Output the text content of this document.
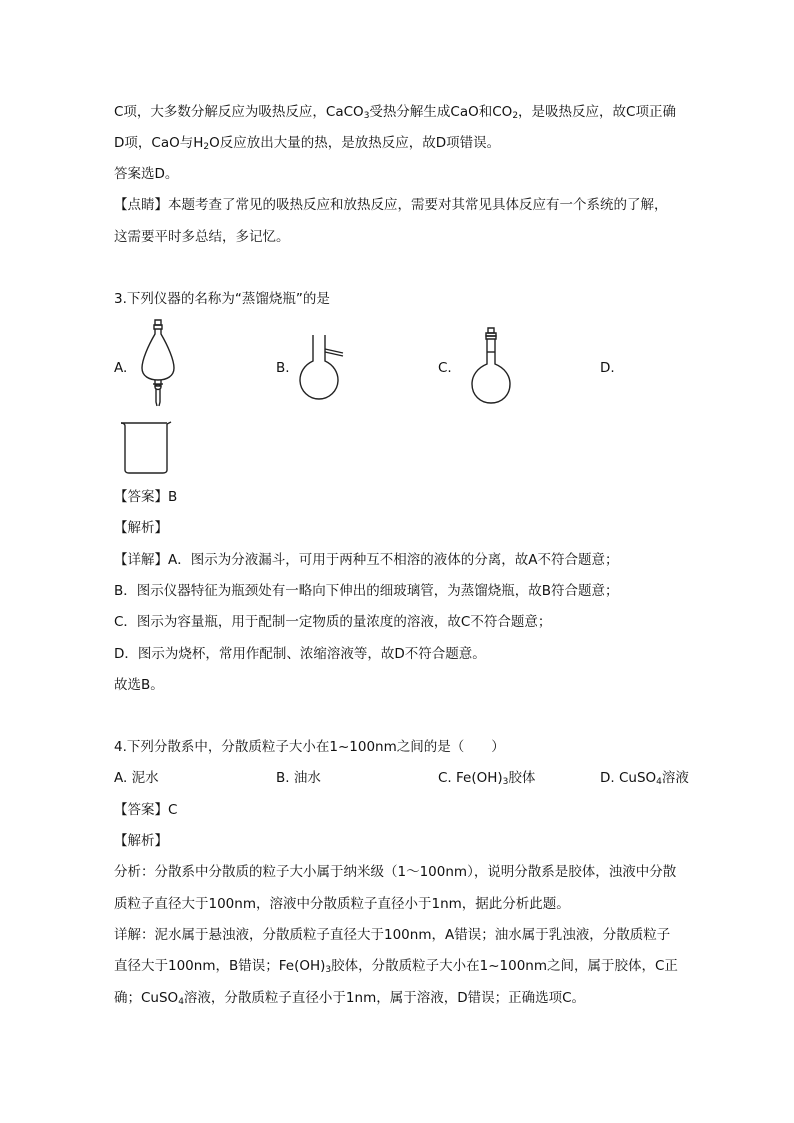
C项，大多数分解反应为吸热反应，CaCO$_3$受热分解生成CaO和$CO_2$，是吸热反应，故C项正确
D项，CaO与$H_2O$反应放出大量的热，是放热反应，故D项错误。
答案选D。
【点睛】本题考查了常见的吸热反应和放热反应，需要对其常见具体反应有一个系统的了解，
这需要平时多总结，多记忆。
3.下列仪器的名称为“蒸馏烧瓶”的是
A.	B.	C.	D.
【答案】B
【解析】
【详解】A．图示为分液漏斗，可用于两种互不相溶的液体的分离，故A不符合题意；
B．图示仪器特征为瓶颈处有一略向下伸出的细玻璃管，为蒸馏烧瓶，故B符合题意；
C．图示为容量瓶，用于配制一定物质的量浓度的溶液，故C不符合题意；
D．图示为烧杯，常用作配制、浓缩溶液等，故D不符合题意。
故选B。
4.下列分散系中，分散质粒子大小在1~100nm之间的是（　　）
A. 泥水	B. 油水	C. $Fe(OH)_3$胶体	D. CuSO$_4$溶液
【答案】C
【解析】
分析：分散系中分散质的粒子大小属于纳米级（1～100nm），说明分散系是胶体，浊液中分散
质粒子直径大于100nm，溶液中分散质粒子直径小于1nm，据此分析此题。
详解：泥水属于悬浊液，分散质粒子直径大于100nm，A错误；油水属于乳浊液，分散质粒子
直径大于100nm，B错误；$Fe(OH)_3$胶体，分散质粒子大小在1~100nm之间，属于胶体，C正
确；CuSO$_4$溶液，分散质粒子直径小于1nm，属于溶液，D错误；正确选项C。
